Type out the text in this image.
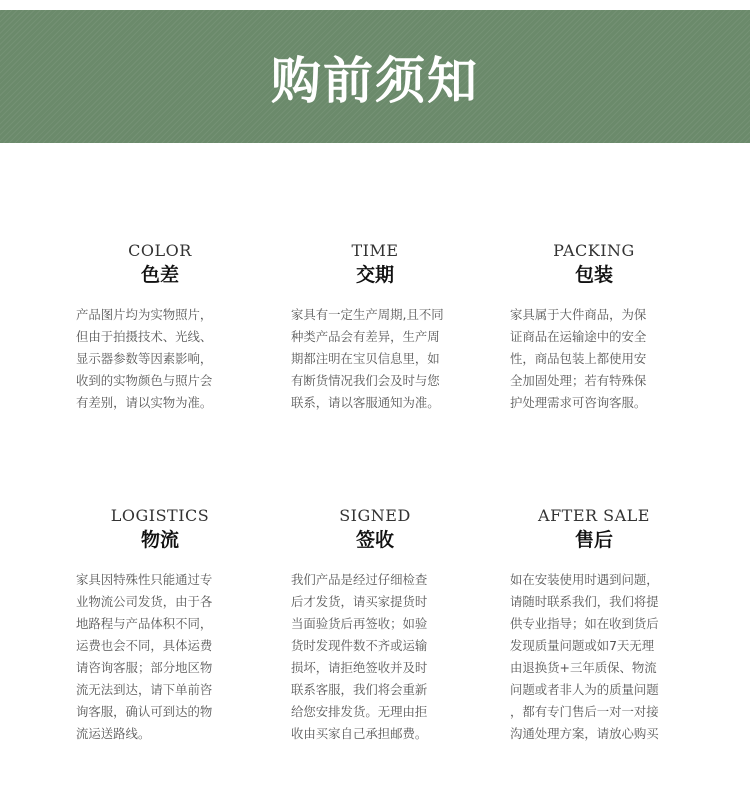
购前须知
COLOR
色差
产品图片均为实物照片，
但由于拍摄技术、光线、
显示器参数等因素影响，
收到的实物颜色与照片会
有差别，请以实物为准。
TIME
交期
家具有一定生产周期,且不同
种类产品会有差异，生产周
期都注明在宝贝信息里，如
有断货情况我们会及时与您
联系，请以客服通知为准。
PACKING
包装
家具属于大件商品，为保
证商品在运输途中的安全
性，商品包装上都使用安
全加固处理；若有特殊保
护处理需求可咨询客服。
LOGISTICS
物流
家具因特殊性只能通过专
业物流公司发货，由于各
地路程与产品体积不同，
运费也会不同，具体运费
请咨询客服；部分地区物
流无法到达，请下单前咨
询客服，确认可到达的物
流运送路线。
SIGNED
签收
我们产品是经过仔细检查
后才发货，请买家提货时
当面验货后再签收；如验
货时发现件数不齐或运输
损坏，请拒绝签收并及时
联系客服，我们将会重新
给您安排发货。无理由拒
收由买家自己承担邮费。
AFTER SALE
售后
如在安装使用时遇到问题，
请随时联系我们，我们将提
供专业指导；如在收到货后
发现质量问题或如7天无理
由退换货+三年质保、物流
问题或者非人为的质量问题
，都有专门售后一对一对接
沟通处理方案，请放心购买
